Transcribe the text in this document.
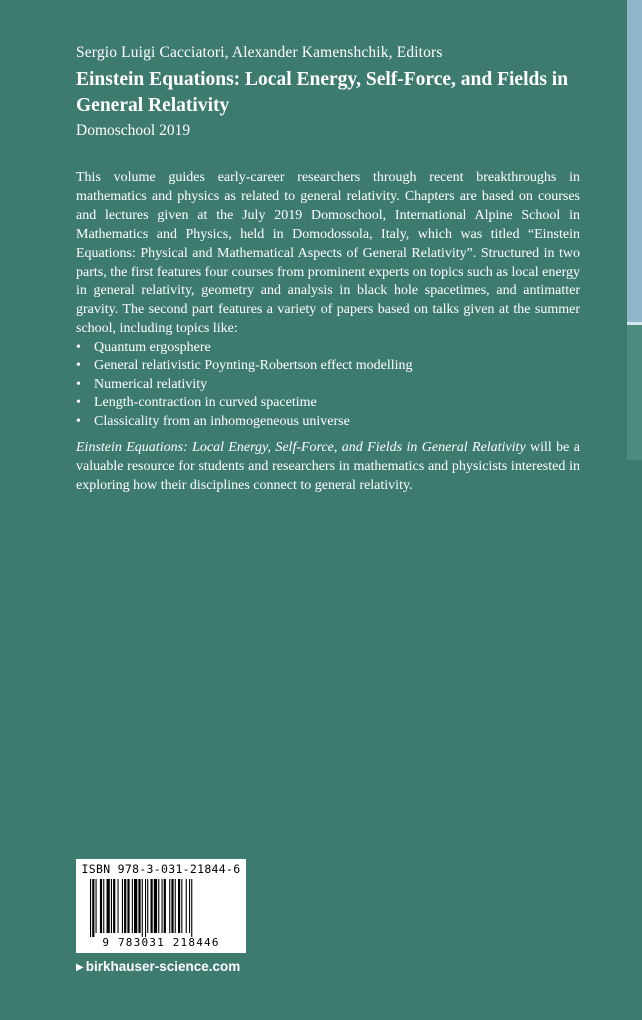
Sergio Luigi Cacciatori, Alexander Kamenshchik, Editors

Einstein Equations: Local Energy, Self-Force, and Fields in General Relativity

Domoschool 2019

This volume guides early-career researchers through recent breakthroughs in mathematics and physics as related to general relativity. Chapters are based on courses and lectures given at the July 2019 Domoschool, International Alpine School in Mathematics and Physics, held in Domodossola, Italy, which was titled “Einstein Equations: Physical and Mathematical Aspects of General Relativity”. Structured in two parts, the first features four courses from prominent experts on topics such as local energy in general relativity, geometry and analysis in black hole spacetimes, and antimatter gravity. The second part features a variety of papers based on talks given at the summer school, including topics like:

• Quantum ergosphere
• General relativistic Poynting-Robertson effect modelling
• Numerical relativity
• Length-contraction in curved spacetime
• Classicality from an inhomogeneous universe

Einstein Equations: Local Energy, Self-Force, and Fields in General Relativity will be a valuable resource for students and researchers in mathematics and physicists interested in exploring how their disciplines connect to general relativity.

ISBN 978-3-031-21844-6
9 783031 218446
▶ birkhauser-science.com
